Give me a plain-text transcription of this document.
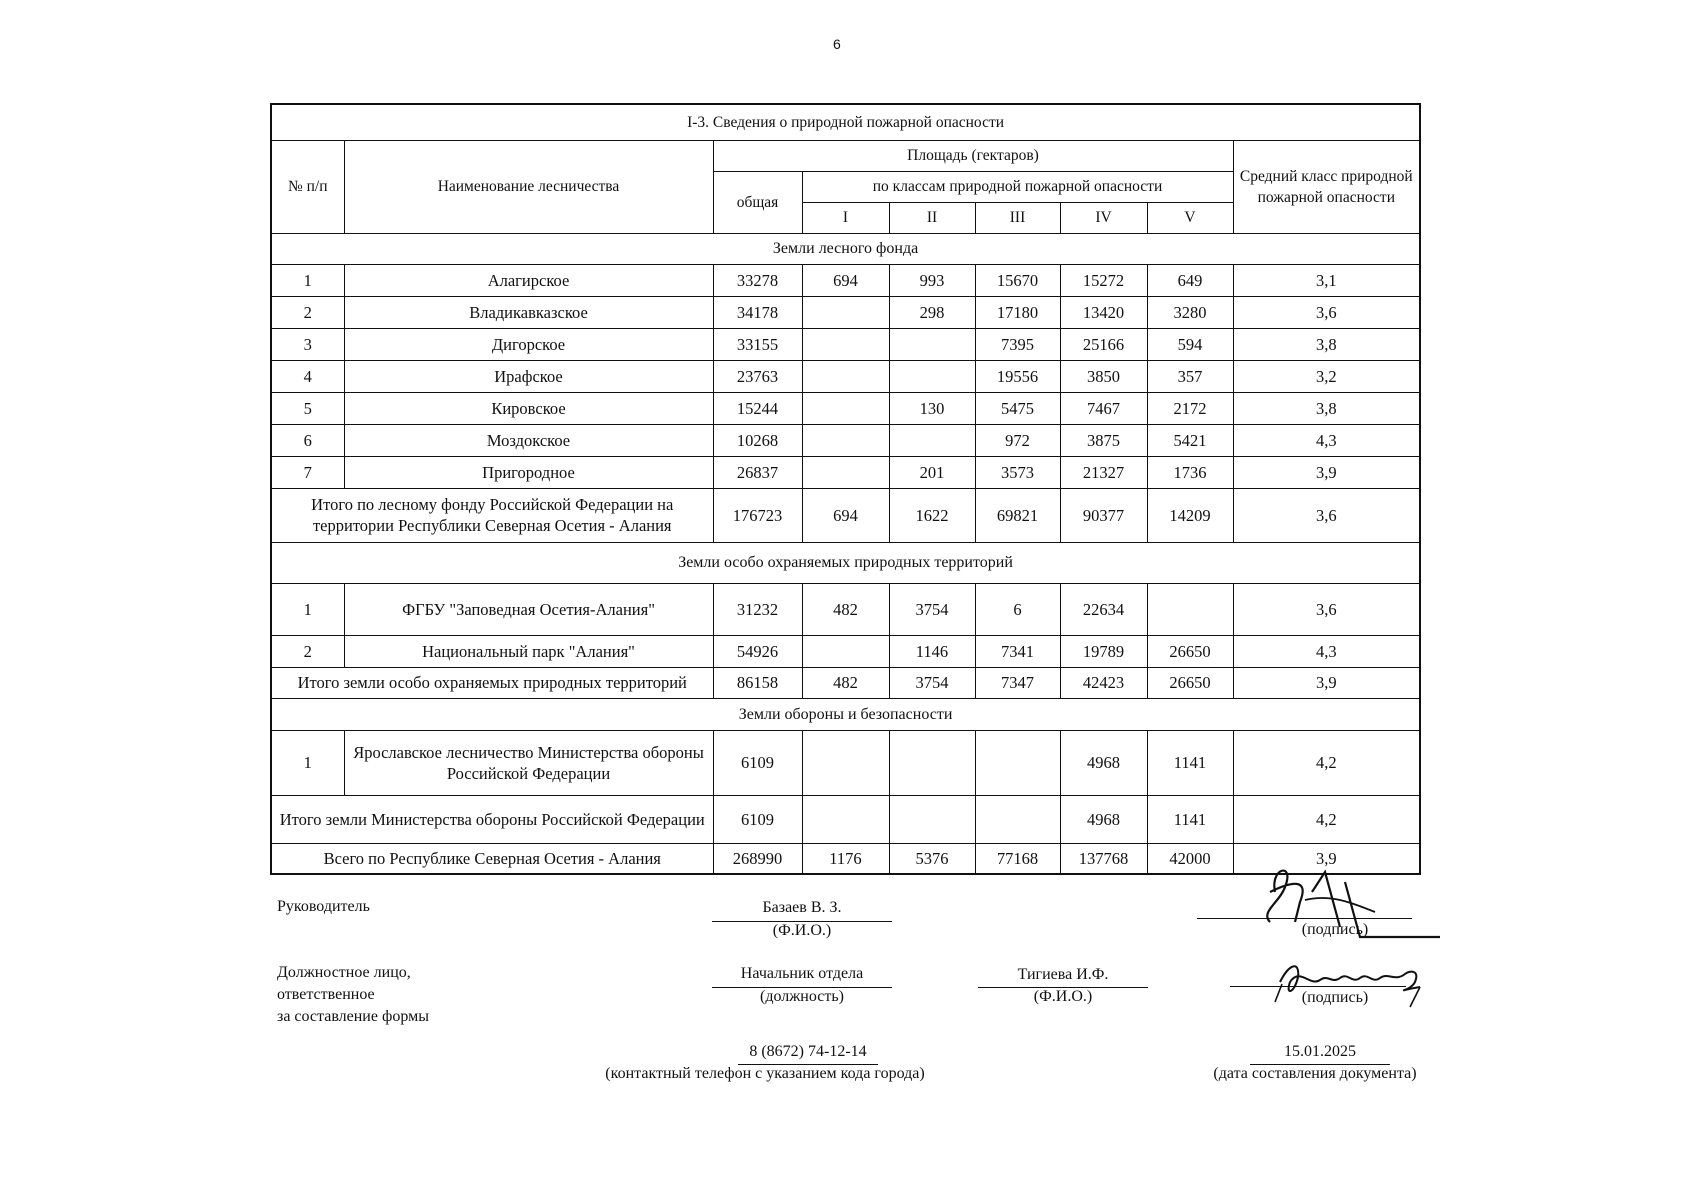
6
I-3. Сведения о природной пожарной опасности								
№ п/п	Наименование лесничества	Площадь (гектаров)						Средний класс природной пожарной опасности
		общая	по классам природной пожарной опасности					
			I	II	III	IV	V	
Земли лесного фонда								
1	Алагирское	33278	694	993	15670	15272	649	3,1
2	Владикавказское	34178		298	17180	13420	3280	3,6
3	Дигорское	33155			7395	25166	594	3,8
4	Ирафское	23763			19556	3850	357	3,2
5	Кировское	15244		130	5475	7467	2172	3,8
6	Моздокское	10268			972	3875	5421	4,3
7	Пригородное	26837		201	3573	21327	1736	3,9
Итого по лесному фонду Российской Федерации на территории Республики Северная Осетия - Алания		176723	694	1622	69821	90377	14209	3,6
Земли особо охраняемых природных территорий								
1	ФГБУ "Заповедная Осетия-Алания"	31232	482	3754	6	22634		3,6
2	Национальный парк "Алания"	54926		1146	7341	19789	26650	4,3
Итого земли особо охраняемых природных территорий		86158	482	3754	7347	42423	26650	3,9
Земли обороны и безопасности								
1	Ярославское лесничество Министерства обороны Российской Федерации	6109				4968	1141	4,2
Итого земли Министерства обороны Российской Федерации		6109				4968	1141	4,2
Всего по Республике Северная Осетия - Алания		268990	1176	5376	77168	137768	42000	3,9
Руководитель	Базаев В. З.
(Ф.И.О.)	(подпись)
Должностное лицо,
ответственное
за составление формы
Начальник отдела
(должность)
Тигиева И.Ф.
(Ф.И.О.)	(подпись)
8 (8672) 74-12-14
(контактный телефон с указанием кода города)
15.01.2025
(дата составления документа)
